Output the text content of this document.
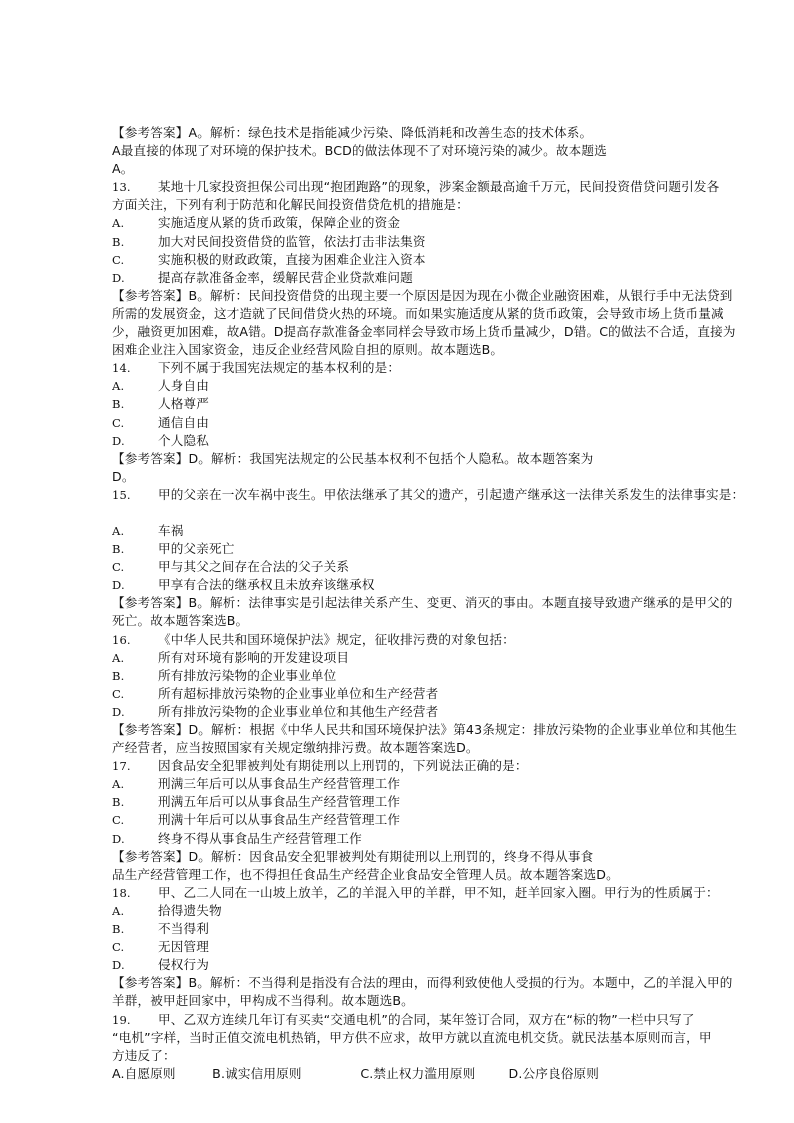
【参考答案】A。解析：绿色技术是指能减少污染、降低消耗和改善生态的技术体系。
A最直接的体现了对环境的保护技术。BCD的做法体现不了对环境污染的减少。故本题选
A。
13. 某地十几家投资担保公司出现“抱团跑路”的现象，涉案金额最高逾千万元，民间投资借贷问题引发各
方面关注，下列有利于防范和化解民间投资借贷危机的措施是：
A.	实施适度从紧的货币政策，保障企业的资金
B.	加大对民间投资借贷的监管，依法打击非法集资
C.	实施积极的财政政策，直接为困难企业注入资本
D.	提高存款准备金率，缓解民营企业贷款难问题
【参考答案】B。解析：民间投资借贷的出现主要一个原因是因为现在小微企业融资困难，从银行手中无法贷到
所需的发展资金，这才造就了民间借贷火热的环境。而如果实施适度从紧的货币政策，会导致市场上货币量减
少，融资更加困难，故A错。D提高存款准备金率同样会导致市场上货币量减少，D错。C的做法不合适，直接为
困难企业注入国家资金，违反企业经营风险自担的原则。故本题选B。
14. 下列不属于我国宪法规定的基本权利的是：
A.	人身自由
B.	人格尊严
C.	通信自由
D.	个人隐私
【参考答案】D。解析：我国宪法规定的公民基本权利不包括个人隐私。故本题答案为
D。
15. 甲的父亲在一次车祸中丧生。甲依法继承了其父的遗产，引起遗产继承这一法律关系发生的法律事实是：
A.	车祸
B.	甲的父亲死亡
C.	甲与其父之间存在合法的父子关系
D.	甲享有合法的继承权且未放弃该继承权
【参考答案】B。解析：法律事实是引起法律关系产生、变更、消灭的事由。本题直接导致遗产继承的是甲父的
死亡。故本题答案选B。
16. 《中华人民共和国环境保护法》规定，征收排污费的对象包括：
A.	所有对环境有影响的开发建设项目
B.	所有排放污染物的企业事业单位
C.	所有超标排放污染物的企业事业单位和生产经营者
D.	所有排放污染物的企业事业单位和其他生产经营者
【参考答案】D。解析：根据《中华人民共和国环境保护法》第43条规定：排放污染物的企业事业单位和其他生
产经营者，应当按照国家有关规定缴纳排污费。故本题答案选D。
17. 因食品安全犯罪被判处有期徒刑以上刑罚的，下列说法正确的是：
A.	刑满三年后可以从事食品生产经营管理工作
B.	刑满五年后可以从事食品生产经营管理工作
C.	刑满十年后可以从事食品生产经营管理工作
D.	终身不得从事食品生产经营管理工作
【参考答案】D。解析：因食品安全犯罪被判处有期徒刑以上刑罚的，终身不得从事食
品生产经营管理工作，也不得担任食品生产经营企业食品安全管理人员。故本题答案选D。
18. 甲、乙二人同在一山坡上放羊，乙的羊混入甲的羊群，甲不知，赶羊回家入圈。甲行为的性质属于：
A.	拾得遗失物
B.	不当得利
C.	无因管理
D.	侵权行为
【参考答案】B。解析：不当得利是指没有合法的理由，而得利致使他人受损的行为。本题中，乙的羊混入甲的
羊群，被甲赶回家中，甲构成不当得利。故本题选B。
19. 甲、乙双方连续几年订有买卖“交通电机”的合同，某年签订合同，双方在“标的物”一栏中只写了
“电机”字样，当时正值交流电机热销，甲方供不应求，故甲方就以直流电机交货。就民法基本原则而言，甲
方违反了：
A.自愿原则	B.诚实信用原则	C.禁止权力滥用原则	D.公序良俗原则
